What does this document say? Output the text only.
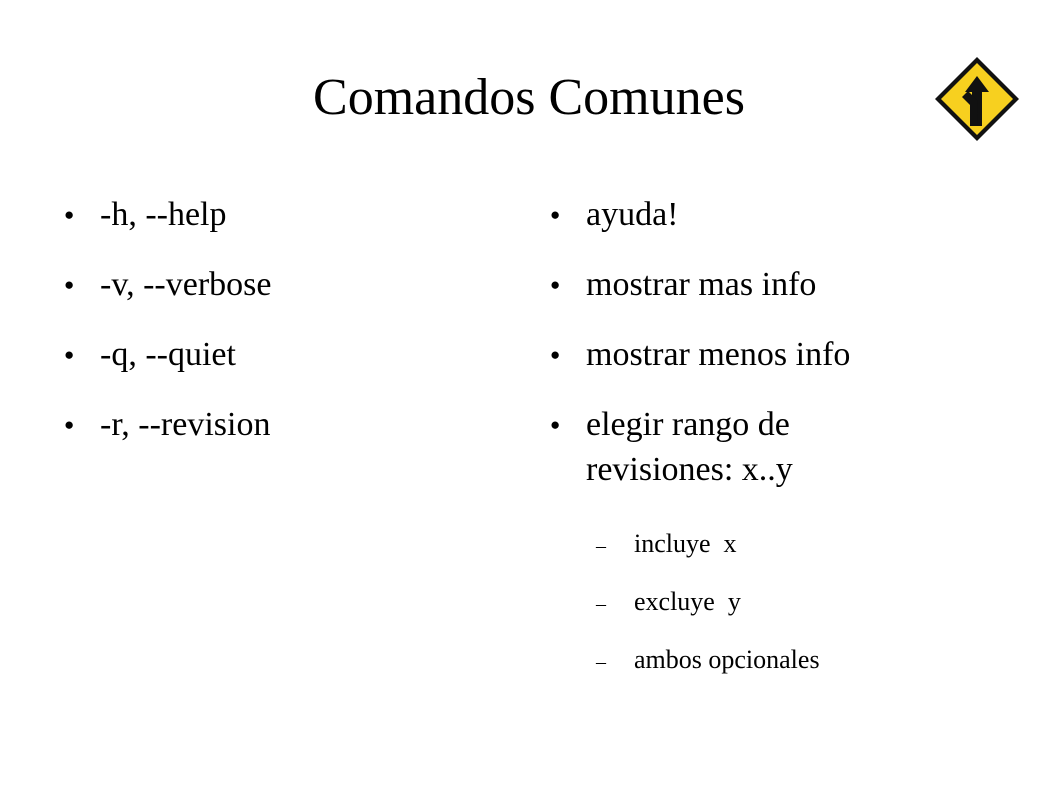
Comandos Comunes
● -h, --help
● -v, --verbose
● -q, --quiet
● -r, --revision
● ayuda!
● mostrar mas info
● mostrar menos info
● elegir rango de revisiones: x..y
– incluye  x
– excluye  y
– ambos opcionales
